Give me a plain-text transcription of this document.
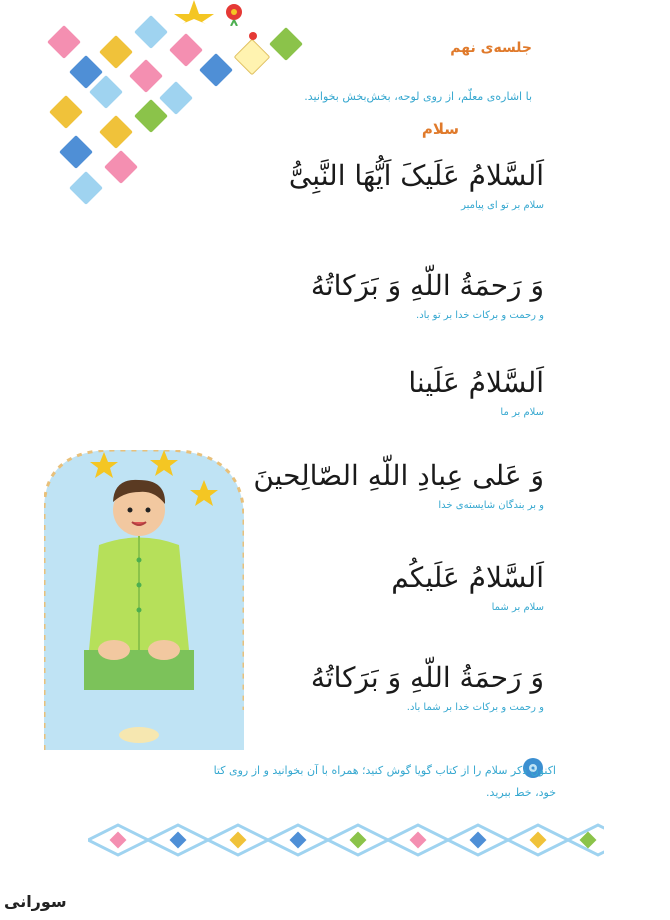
جلسه‌ی نهم
با اشاره‌ی معلّم، از روی لوحه، بخش‌بخش بخوانید.
سلام
اَلسَّلامُ عَلَیکَ اَیُّهَا النَّبِیُّ
سلام بر تو ای پیامبر
وَ رَحمَةُ اللّهِ وَ بَرَکاتُهُ
و رحمت و برکات خدا بر تو باد.
اَلسَّلامُ عَلَینا
سلام بر ما
وَ عَلی عِبادِ اللّهِ الصّالِحینَ
و بر بندگان شایسته‌ی خدا
اَلسَّلامُ عَلَیکُم
سلام بر شما
وَ رَحمَةُ اللّهِ وَ بَرَکاتُهُ
و رحمت و برکات خدا بر شما باد.
اکنون ذکر سلام را از کتاب گویا گوش کنید؛ همراه با آن بخوانید و از روی کتا
خود، خط ببرید.
سورانی
